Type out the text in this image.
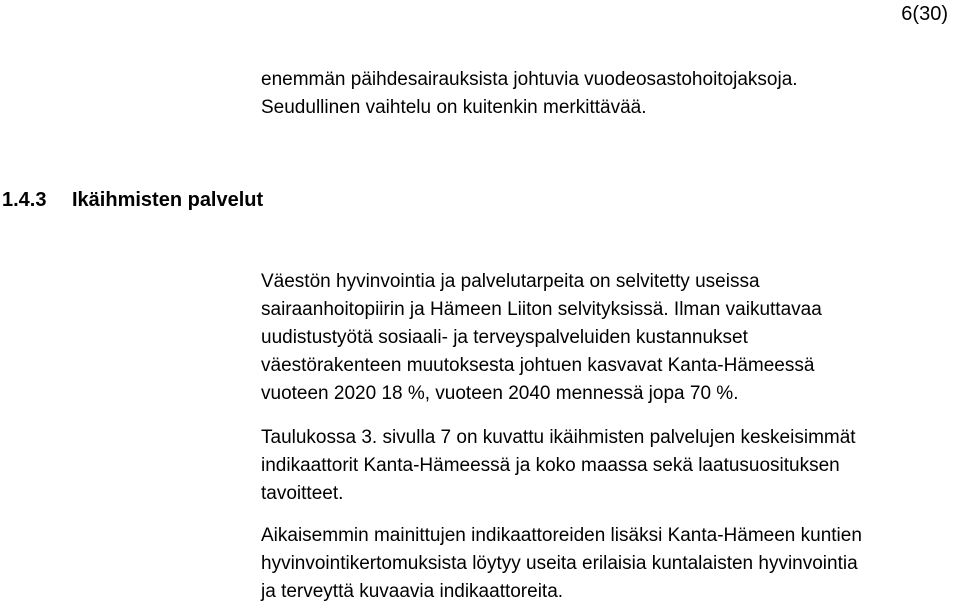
6(30)

enemmän päihdesairauksista johtuvia vuodeosastohoitojaksoja.
Seudullinen vaihtelu on kuitenkin merkittävää.

1.4.3 Ikäihmisten palvelut

Väestön hyvinvointia ja palvelutarpeita on selvitetty useissa
sairaanhoitopiirin ja Hämeen Liiton selvityksissä. Ilman vaikuttavaa
uudistustyötä sosiaali- ja terveyspalveluiden kustannukset
väestörakenteen muutoksesta johtuen kasvavat Kanta-Hämeessä
vuoteen 2020 18 %, vuoteen 2040 mennessä jopa 70 %.

Taulukossa 3. sivulla 7 on kuvattu ikäihmisten palvelujen keskeisimmät
indikaattorit Kanta-Hämeessä ja koko maassa sekä laatusuosituksen
tavoitteet.

Aikaisemmin mainittujen indikaattoreiden lisäksi Kanta-Hämeen kuntien
hyvinvointikertomuksista löytyy useita erilaisia kuntalaisten hyvinvointia
ja terveyttä kuvaavia indikaattoreita.
